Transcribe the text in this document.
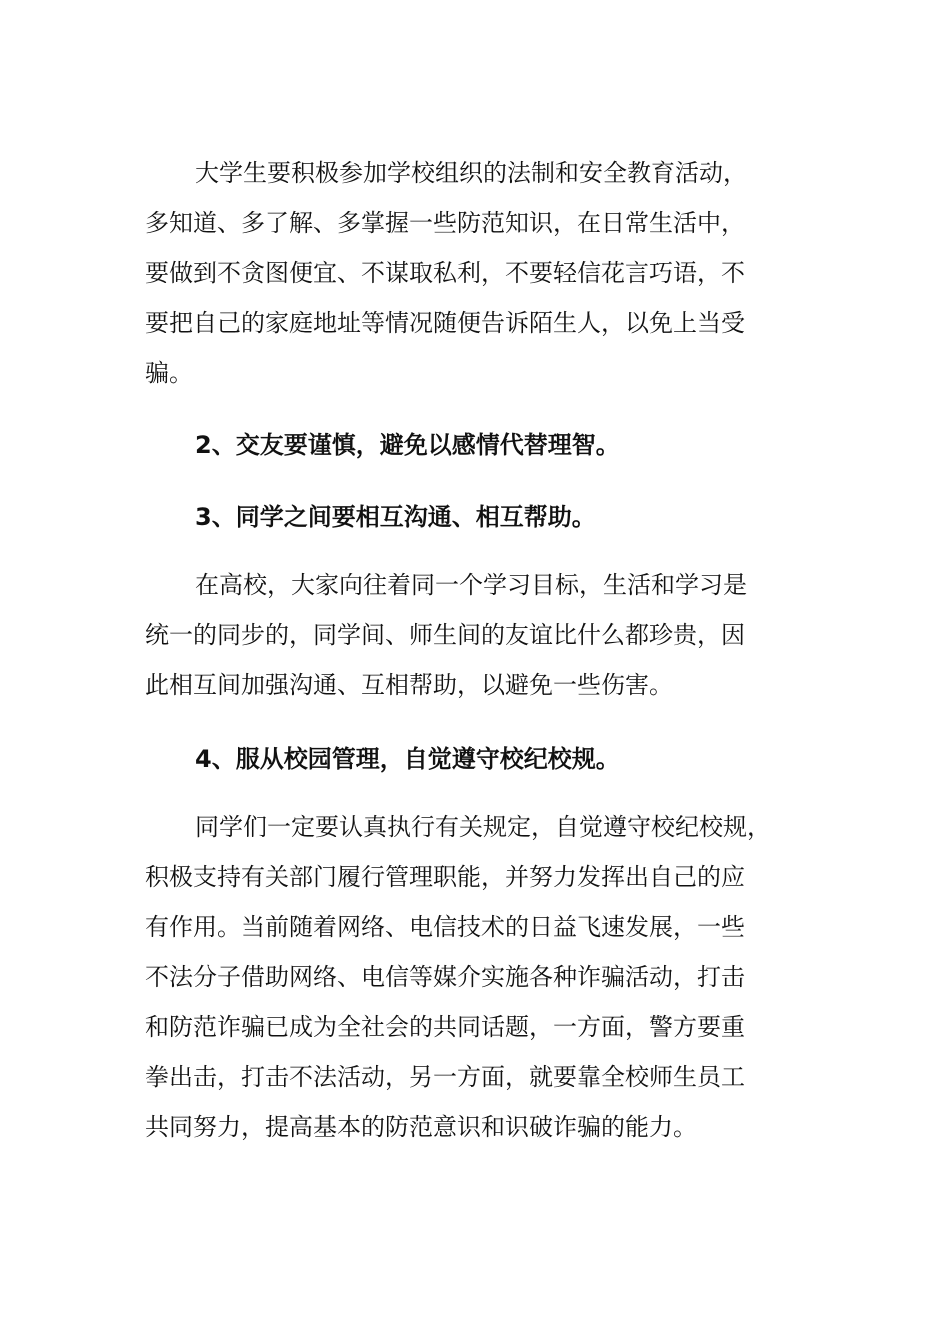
大学生要积极参加学校组织的法制和安全教育活动，
多知道、多了解、多掌握一些防范知识，在日常生活中，
要做到不贪图便宜、不谋取私利，不要轻信花言巧语，不
要把自己的家庭地址等情况随便告诉陌生人，以免上当受
骗。
2、交友要谨慎，避免以感情代替理智。
3、同学之间要相互沟通、相互帮助。
在高校，大家向往着同一个学习目标，生活和学习是
统一的同步的，同学间、师生间的友谊比什么都珍贵，因
此相互间加强沟通、互相帮助，以避免一些伤害。
4、服从校园管理，自觉遵守校纪校规。
同学们一定要认真执行有关规定，自觉遵守校纪校规，
积极支持有关部门履行管理职能，并努力发挥出自己的应
有作用。当前随着网络、电信技术的日益飞速发展，一些
不法分子借助网络、电信等媒介实施各种诈骗活动，打击
和防范诈骗已成为全社会的共同话题，一方面，警方要重
拳出击，打击不法活动，另一方面，就要靠全校师生员工
共同努力，提高基本的防范意识和识破诈骗的能力。
